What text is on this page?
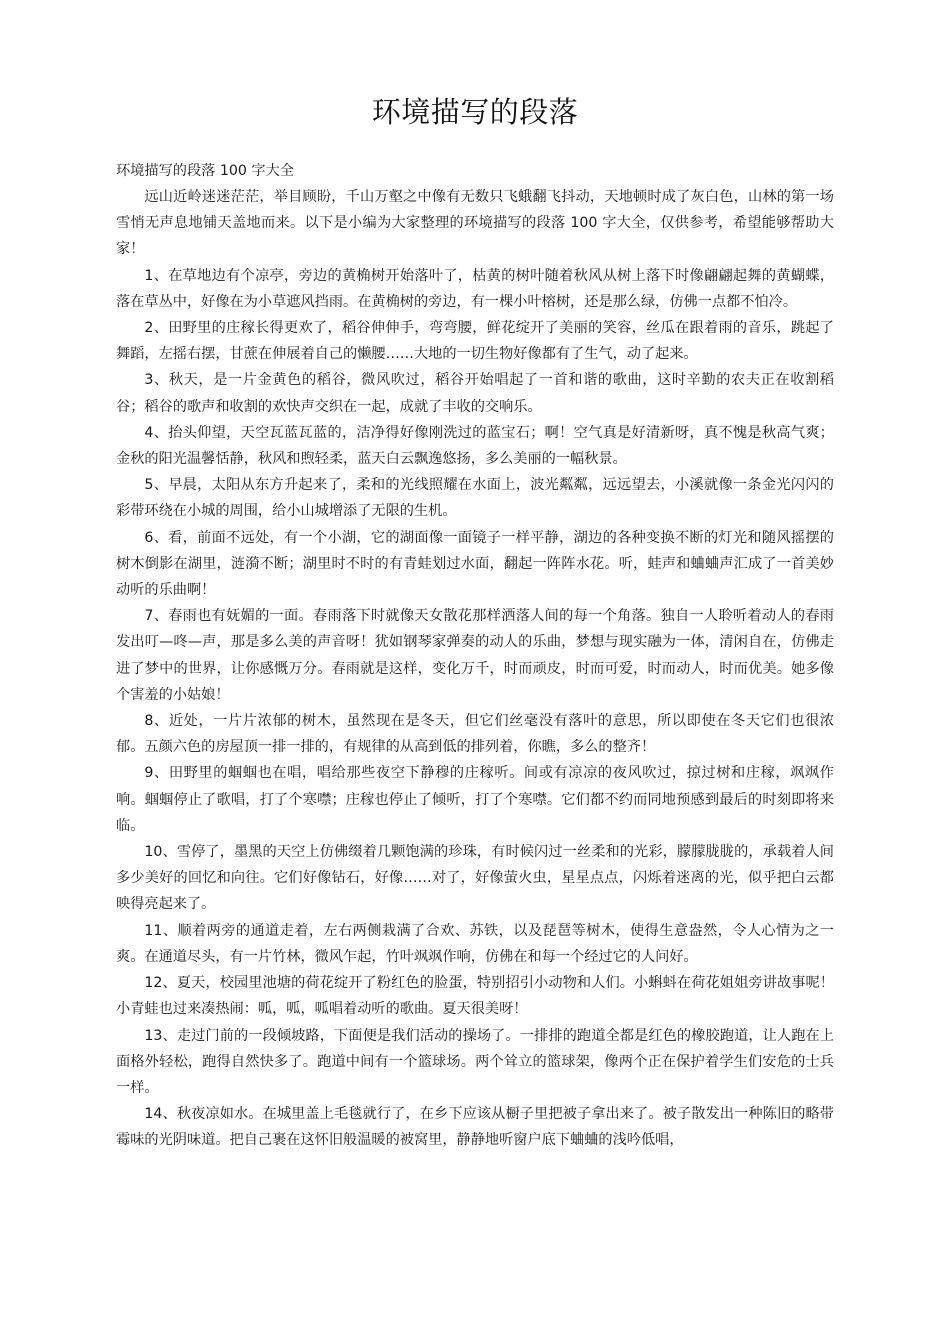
环境描写的段落
环境描写的段落 100 字大全

远山近岭迷迷茫茫，举目顾盼，千山万壑之中像有无数只飞蛾翻飞抖动，天地顿时成了灰白色，山林的第一场雪悄无声息地铺天盖地而来。以下是小编为大家整理的环境描写的段落 100 字大全，仅供参考，希望能够帮助大家！

1、在草地边有个凉亭，旁边的黄桷树开始落叶了，枯黄的树叶随着秋风从树上落下时像翩翩起舞的黄蝴蝶，落在草丛中，好像在为小草遮风挡雨。在黄桷树的旁边，有一棵小叶榕树，还是那么绿，仿佛一点都不怕冷。

2、田野里的庄稼长得更欢了，稻谷伸伸手，弯弯腰，鲜花绽开了美丽的笑容，丝瓜在跟着雨的音乐，跳起了舞蹈，左摇右摆，甘蔗在伸展着自己的懒腰……大地的一切生物好像都有了生气，动了起来。

3、秋天，是一片金黄色的稻谷，微风吹过，稻谷开始唱起了一首和谐的歌曲，这时辛勤的农夫正在收割稻谷；稻谷的歌声和收割的欢快声交织在一起，成就了丰收的交响乐。

4、抬头仰望，天空瓦蓝瓦蓝的，洁净得好像刚洗过的蓝宝石；啊！空气真是好清新呀，真不愧是秋高气爽；金秋的阳光温馨恬静，秋风和煦轻柔，蓝天白云飘逸悠扬，多么美丽的一幅秋景。

5、早晨，太阳从东方升起来了，柔和的光线照耀在水面上，波光粼粼，远远望去，小溪就像一条金光闪闪的彩带环绕在小城的周围，给小山城增添了无限的生机。

6、看，前面不远处，有一个小湖，它的湖面像一面镜子一样平静，湖边的各种变换不断的灯光和随风摇摆的树木倒影在湖里，涟漪不断；湖里时不时的有青蛙划过水面，翻起一阵阵水花。听，蛙声和蛐蛐声汇成了一首美妙动听的乐曲啊！

7、春雨也有妩媚的一面。春雨落下时就像天女散花那样洒落人间的每一个角落。独自一人聆听着动人的春雨发出叮—咚—声，那是多么美的声音呀！犹如钢琴家弹奏的动人的乐曲，梦想与现实融为一体，清闲自在，仿佛走进了梦中的世界，让你感慨万分。春雨就是这样，变化万千，时而顽皮，时而可爱，时而动人，时而优美。她多像个害羞的小姑娘！

8、近处，一片片浓郁的树木，虽然现在是冬天，但它们丝毫没有落叶的意思，所以即使在冬天它们也很浓郁。五颜六色的房屋顶一排一排的，有规律的从高到低的排列着，你瞧，多么的整齐！

9、田野里的蝈蝈也在唱，唱给那些夜空下静穆的庄稼听。间或有凉凉的夜风吹过，掠过树和庄稼，飒飒作响。蝈蝈停止了歌唱，打了个寒噤；庄稼也停止了倾听，打了个寒噤。它们都不约而同地预感到最后的时刻即将来临。

10、雪停了，墨黑的天空上仿佛缀着几颗饱满的珍珠，有时候闪过一丝柔和的光彩，朦朦胧胧的，承载着人间多少美好的回忆和向往。它们好像钻石，好像……对了，好像萤火虫，星星点点，闪烁着迷离的光，似乎把白云都映得亮起来了。

11、顺着两旁的通道走着，左右两侧栽满了合欢、苏铁，以及琵琶等树木，使得生意盎然，令人心情为之一爽。在通道尽头，有一片竹林，微风乍起，竹叶飒飒作响，仿佛在和每一个经过它的人问好。

12、夏天，校园里池塘的荷花绽开了粉红色的脸蛋，特别招引小动物和人们。小蝌蚪在荷花姐姐旁讲故事呢！小青蛙也过来凑热闹：呱，呱，呱唱着动听的歌曲。夏天很美呀！

13、走过门前的一段倾坡路，下面便是我们活动的操场了。一排排的跑道全都是红色的橡胶跑道，让人跑在上面格外轻松，跑得自然快多了。跑道中间有一个篮球场。两个耸立的篮球架，像两个正在保护着学生们安危的士兵一样。

14、秋夜凉如水。在城里盖上毛毯就行了，在乡下应该从橱子里把被子拿出来了。被子散发出一种陈旧的略带霉味的光阴味道。把自己裹在这怀旧般温暖的被窝里，静静地听窗户底下蛐蛐的浅吟低唱，
